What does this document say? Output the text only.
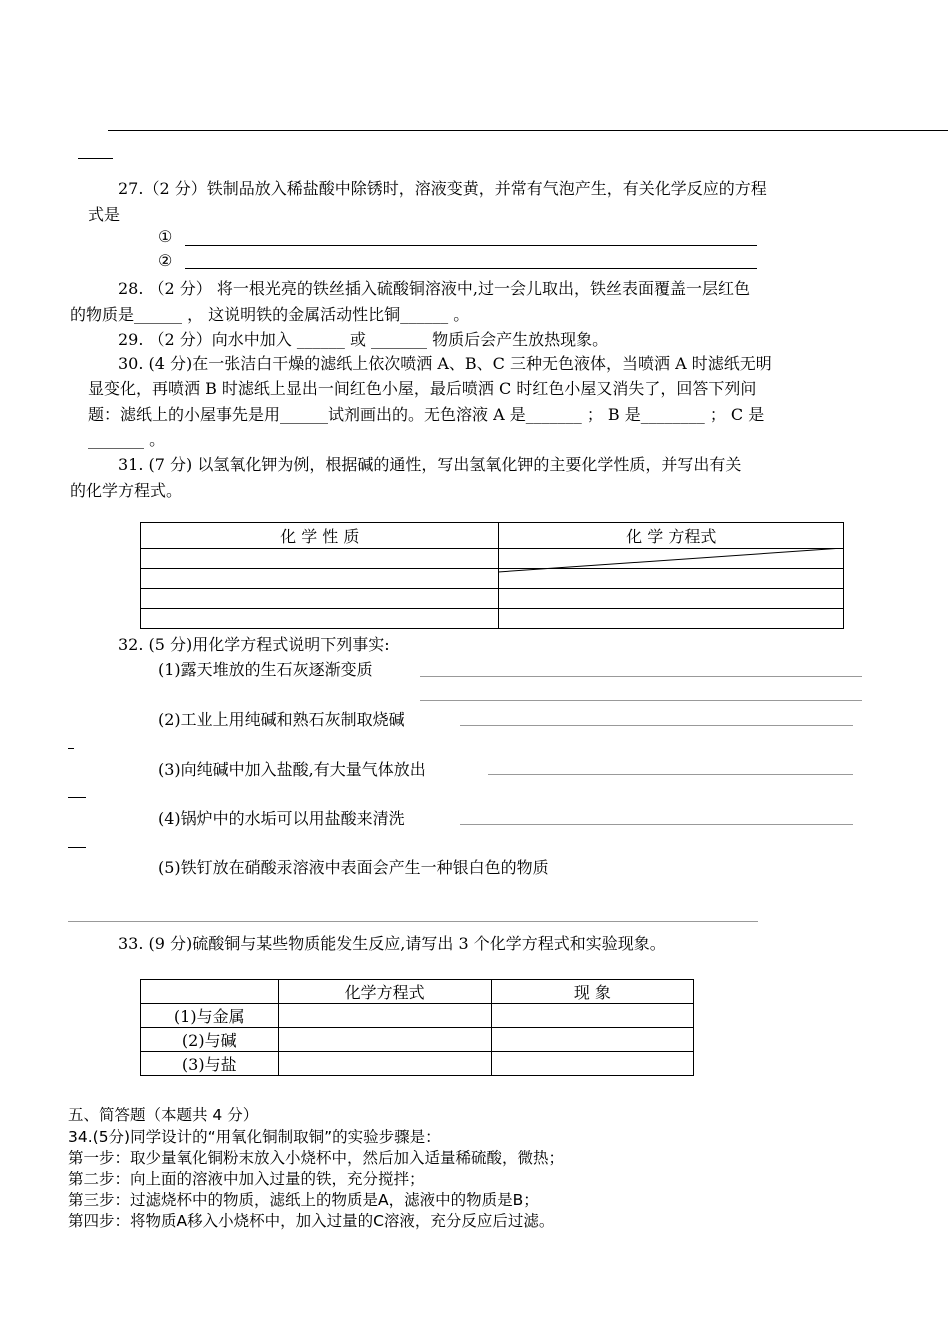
27.（2 分）铁制品放入稀盐酸中除锈时，溶液变黄，并常有气泡产生，有关化学反应的方程
式是
①
②
28. （2 分） 将一根光亮的铁丝插入硫酸铜溶液中,过一会儿取出，铁丝表面覆盖一层红色
的物质是______ ， 这说明铁的金属活动性比铜______ 。
29. （2 分）向水中加入 ______ 或 _______ 物质后会产生放热现象。
30. (4 分)在一张洁白干燥的滤纸上依次喷洒 A、B、C 三种无色液体，当喷洒 A 时滤纸无明
显变化，再喷洒 B 时滤纸上显出一间红色小屋，最后喷洒 C 时红色小屋又消失了，回答下列问
题：滤纸上的小屋事先是用______试剂画出的。无色溶液 A 是_______ ； B 是________ ； C 是
_______ 。
31. (7 分) 以氢氧化钾为例，根据碱的通性，写出氢氧化钾的主要化学性质，并写出有关
的化学方程式。
化 学 性 质	化 学 方程式

32. (5 分)用化学方程式说明下列事实:
(1)露天堆放的生石灰逐渐变质
(2)工业上用纯碱和熟石灰制取烧碱
(3)向纯碱中加入盐酸,有大量气体放出
(4)锅炉中的水垢可以用盐酸来清洗
(5)铁钉放在硝酸汞溶液中表面会产生一种银白色的物质
33. (9 分)硫酸铜与某些物质能发生反应,请写出 3 个化学方程式和实验现象。
	化学方程式	现 象
(1)与金属		
(2)与碱		
(3)与盐		
五、简答题（本题共 4 分）
34.(5分)同学设计的“用氧化铜制取铜”的实验步骤是：
第一步：取少量氧化铜粉末放入小烧杯中，然后加入适量稀硫酸，微热；
第二步：向上面的溶液中加入过量的铁，充分搅拌；
第三步：过滤烧杯中的物质，滤纸上的物质是A，滤液中的物质是B；
第四步：将物质A移入小烧杯中，加入过量的C溶液，充分反应后过滤。
